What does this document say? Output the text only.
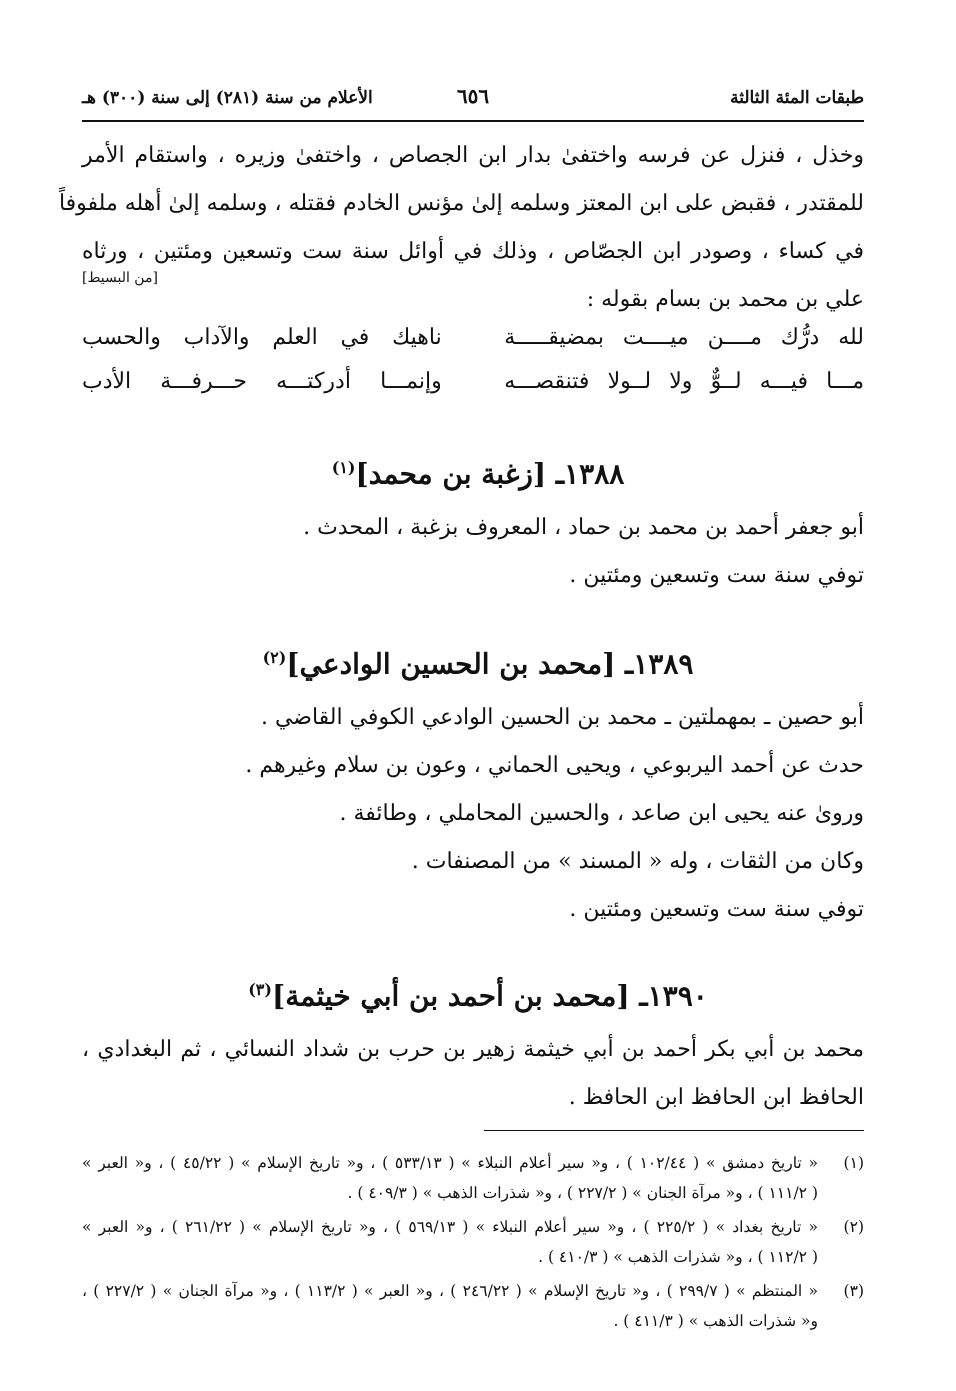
طبقات المئة الثالثة
٦٥٦
الأعلام من سنة (٢٨١) إلى سنة (٣٠٠) هـ
وخذل ، فنزل عن فرسه واختفىٰ بدار ابن الجصاص ، واختفىٰ وزيره ، واستقام الأمر
للمقتدر ، فقبض على ابن المعتز وسلمه إلىٰ مؤنس الخادم فقتله ، وسلمه إلىٰ أهله ملفوفاً
في كساء ، وصودر ابن الجصّاص ، وذلك في أوائل سنة ست وتسعين ومئتين ، ورثاه
علي بن محمد بن بسام بقوله :
[من البسيط]
لله درُّك مــــن ميــــت بمضيقـــــة
ناهيك في العلم والآداب والحسب
مـــا فيـــه لــوٌّ ولا لــولا فتنقصـــه
وإنمـــا أدركتـــه حـــرفـــة الأدب
١٣٨٨ـ [زغبة بن محمد]$^{(١)}$
أبو جعفر أحمد بن محمد بن حماد ، المعروف بزغبة ، المحدث .
توفي سنة ست وتسعين ومئتين .
١٣٨٩ـ [محمد بن الحسين الوادعي]$^{(٢)}$
أبو حصين ـ بمهملتين ـ محمد بن الحسين الوادعي الكوفي القاضي .
حدث عن أحمد اليربوعي ، ويحيى الحماني ، وعون بن سلام وغيرهم .
وروىٰ عنه يحيى ابن صاعد ، والحسين المحاملي ، وطائفة .
وكان من الثقات ، وله « المسند » من المصنفات .
توفي سنة ست وتسعين ومئتين .
١٣٩٠ـ [محمد بن أحمد بن أبي خيثمة]$^{(٣)}$
محمد بن أبي بكر أحمد بن أبي خيثمة زهير بن حرب بن شداد النسائي ، ثم البغدادي ،
الحافظ ابن الحافظ ابن الحافظ .
(١)
« تاريخ دمشق » ( ١٠٢/٤٤ ) ، و« سير أعلام النبلاء » ( ٥٣٣/١٣ ) ، و« تاريخ الإسلام » ( ٤٥/٢٢ ) ، و« العبر »
( ١١١/٢ ) ، و« مرآة الجنان » ( ٢٢٧/٢ ) ، و« شذرات الذهب » ( ٤٠٩/٣ ) .
(٢)
« تاريخ بغداد » ( ٢٢٥/٢ ) ، و« سير أعلام النبلاء » ( ٥٦٩/١٣ ) ، و« تاريخ الإسلام » ( ٢٦١/٢٢ ) ، و« العبر »
( ١١٢/٢ ) ، و« شذرات الذهب » ( ٤١٠/٣ ) .
(٣)
« المنتظم » ( ٢٩٩/٧ ) ، و« تاريخ الإسلام » ( ٢٤٦/٢٢ ) ، و« العبر » ( ١١٣/٢ ) ، و« مرآة الجنان » ( ٢٢٧/٢ ) ،
و« شذرات الذهب » ( ٤١١/٣ ) .
